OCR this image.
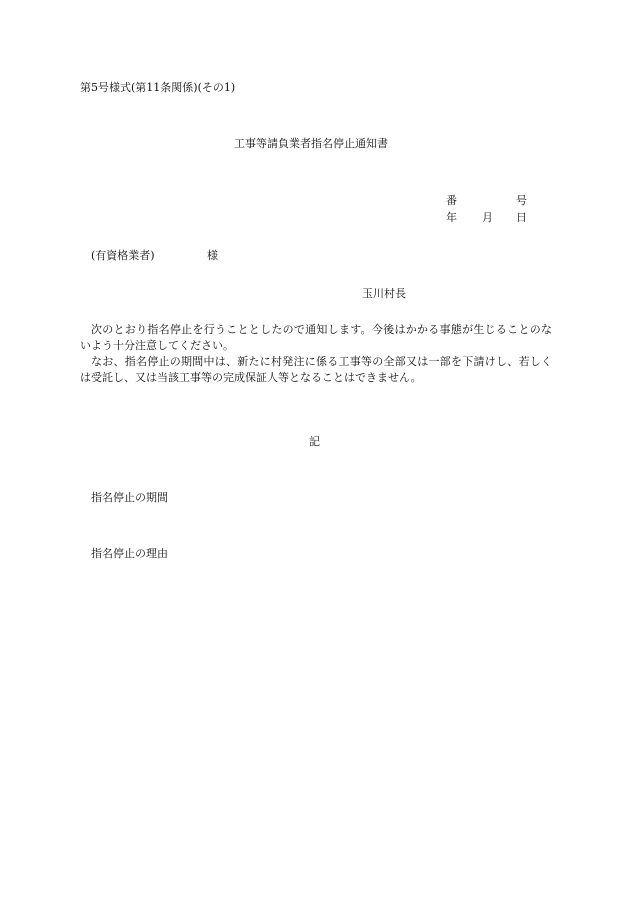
第5号様式(第11条関係)(その1)
工事等請負業者指名停止通知書
番	号
年 月 日
(有資格業者)	様
玉川村長

次のとおり指名停止を行うこととしたので通知します。今後はかかる事態が生じることのないよう十分注意してください。

なお、指名停止の期間中は、新たに村発注に係る工事等の全部又は一部を下請けし、若しくは受託し、又は当該工事等の完成保証人等となることはできません。

記
指名停止の期間
指名停止の理由
